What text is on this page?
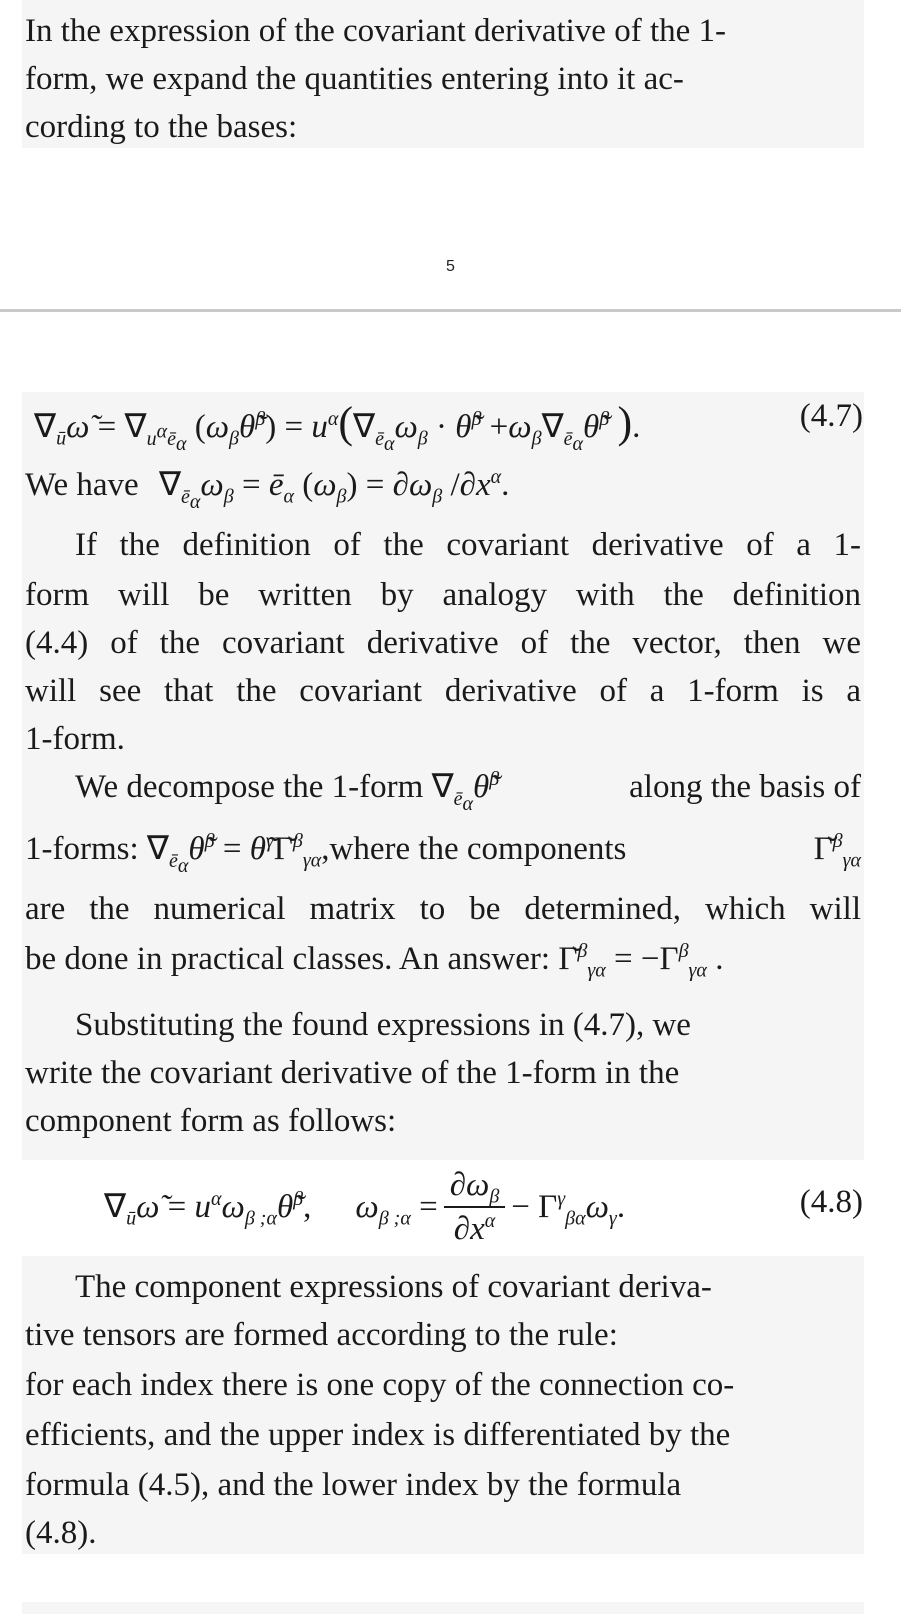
In the expression of the covariant derivative of the 1-
form, we expand the quantities entering into it ac-
cording to the bases:
5
$\nabla_ū\omegã = \nabla_{u^\alpha ē_\alpha}$ $(\omega_\beta\thetã^\beta) = u^\alpha(\nabla_{ē_\alpha}\omega_\beta$ · θ̃$^\beta$ $+\omega_\beta\nabla_{ē_\alpha}\thetã^\beta$ ).	(4.7)
We have $\nabla_{ē_\alpha}\omega_\beta$ = $ē_\alpha$ $(\omega_\beta) = \partial\omega_\beta$ $/\partial x^\alpha$.
If the definition of the covariant derivative of a 1-
form will be written by analogy with the definition
(4.4) of the covariant derivative of the vector, then we
will see that the covariant derivative of a 1-form is a
1-form.
We decompose the 1-form $\nabla_{ē_\alpha}\thetã^\beta$	along the basis of
1-forms: $\nabla_{ē_\alpha}\thetã^\beta$ = θ̃$^\gamma$Γ̆$^\beta_{\gamma\alpha}$,where the components	Γ̆$^\beta_{\gamma\alpha}$
are the numerical matrix to be determined, which will
be done in practical classes. An answer: Γ̆$^\beta_{\gamma\alpha}$ = $-\Gamma^\beta_{\gamma\alpha}$ .
Substituting the found expressions in (4.7), we
write the covariant derivative of the 1-form in the
component form as follows:
$\nabla_ū\omegã$ = $u^\alpha\omega_{\beta ;\alpha}\thetã^\beta$, $\omega_{\beta ;\alpha} = \frac{\partial\omega_\beta}{\partial x^\alpha} - \Gamma^\gamma_{\beta\alpha}\omega_\gamma$.	(4.8)
The component expressions of covariant deriva-
tive tensors are formed according to the rule:
for each index there is one copy of the connection co-
efficients, and the upper index is differentiated by the
formula (4.5), and the lower index by the formula
(4.8).
